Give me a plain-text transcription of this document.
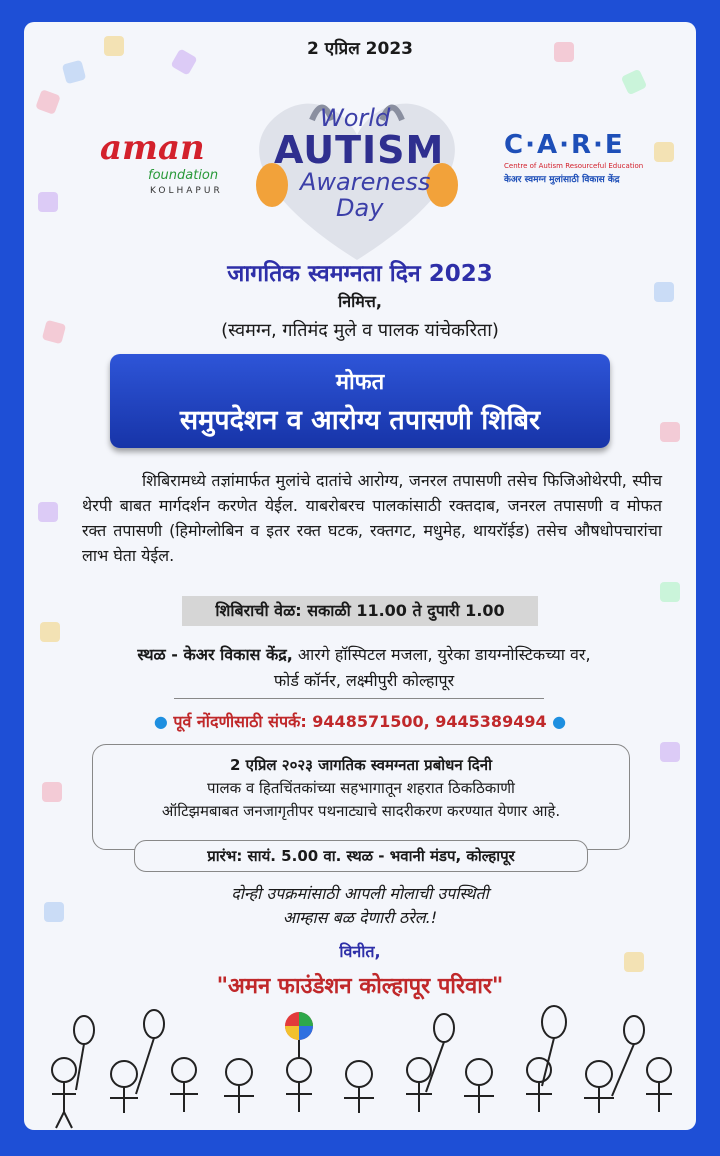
2 एप्रिल 2023
aman
foundation
KOLHAPUR
World
AUTISM
Awareness
Day
C·A·R·E
Centre of Autism Resourceful Education
केअर स्वमग्न मुलांसाठी विकास केंद्र
जागतिक स्वमग्नता दिन 2023
निमित्त,
(स्वमग्न, गतिमंद मुले व पालक यांचेकरिता)
मोफत
समुपदेशन व आरोग्य तपासणी शिबिर
शिबिरामध्ये तज्ञांमार्फत मुलांचे दातांचे आरोग्य, जनरल तपासणी तसेच फिजिओथेरपी, स्पीच थेरपी बाबत मार्गदर्शन करणेत येईल. याबरोबरच पालकांसाठी रक्तदाब, जनरल तपासणी व मोफत रक्त तपासणी (हिमोग्लोबिन व इतर रक्त घटक, रक्तगट, मधुमेह, थायरॉईड) तसेच औषधोपचारांचा लाभ घेता येईल.
शिबिराची वेळ: सकाळी 11.00 ते दुपारी 1.00
स्थळ - केअर विकास केंद्र, आरगे हॉस्पिटल मजला, युरेका डायग्नोस्टिकच्या वर,
फोर्ड कॉर्नर, लक्ष्मीपुरी कोल्हापूर
● पूर्व नोंदणीसाठी संपर्क: 9448571500, 9445389494 ●
2 एप्रिल २०२३ जागतिक स्वमग्नता प्रबोधन दिनी
पालक व हितचिंतकांच्या सहभागातून शहरात ठिकठिकाणी
ऑटिझमबाबत जनजागृतीपर पथनाट्याचे सादरीकरण करण्यात येणार आहे.
प्रारंभ: सायं. 5.00 वा. स्थळ - भवानी मंडप, कोल्हापूर
दोन्ही उपक्रमांसाठी आपली मोलाची उपस्थिती
आम्हास बळ देणारी ठरेल.!
विनीत,
"अमन फाउंडेशन कोल्हापूर परिवार"
